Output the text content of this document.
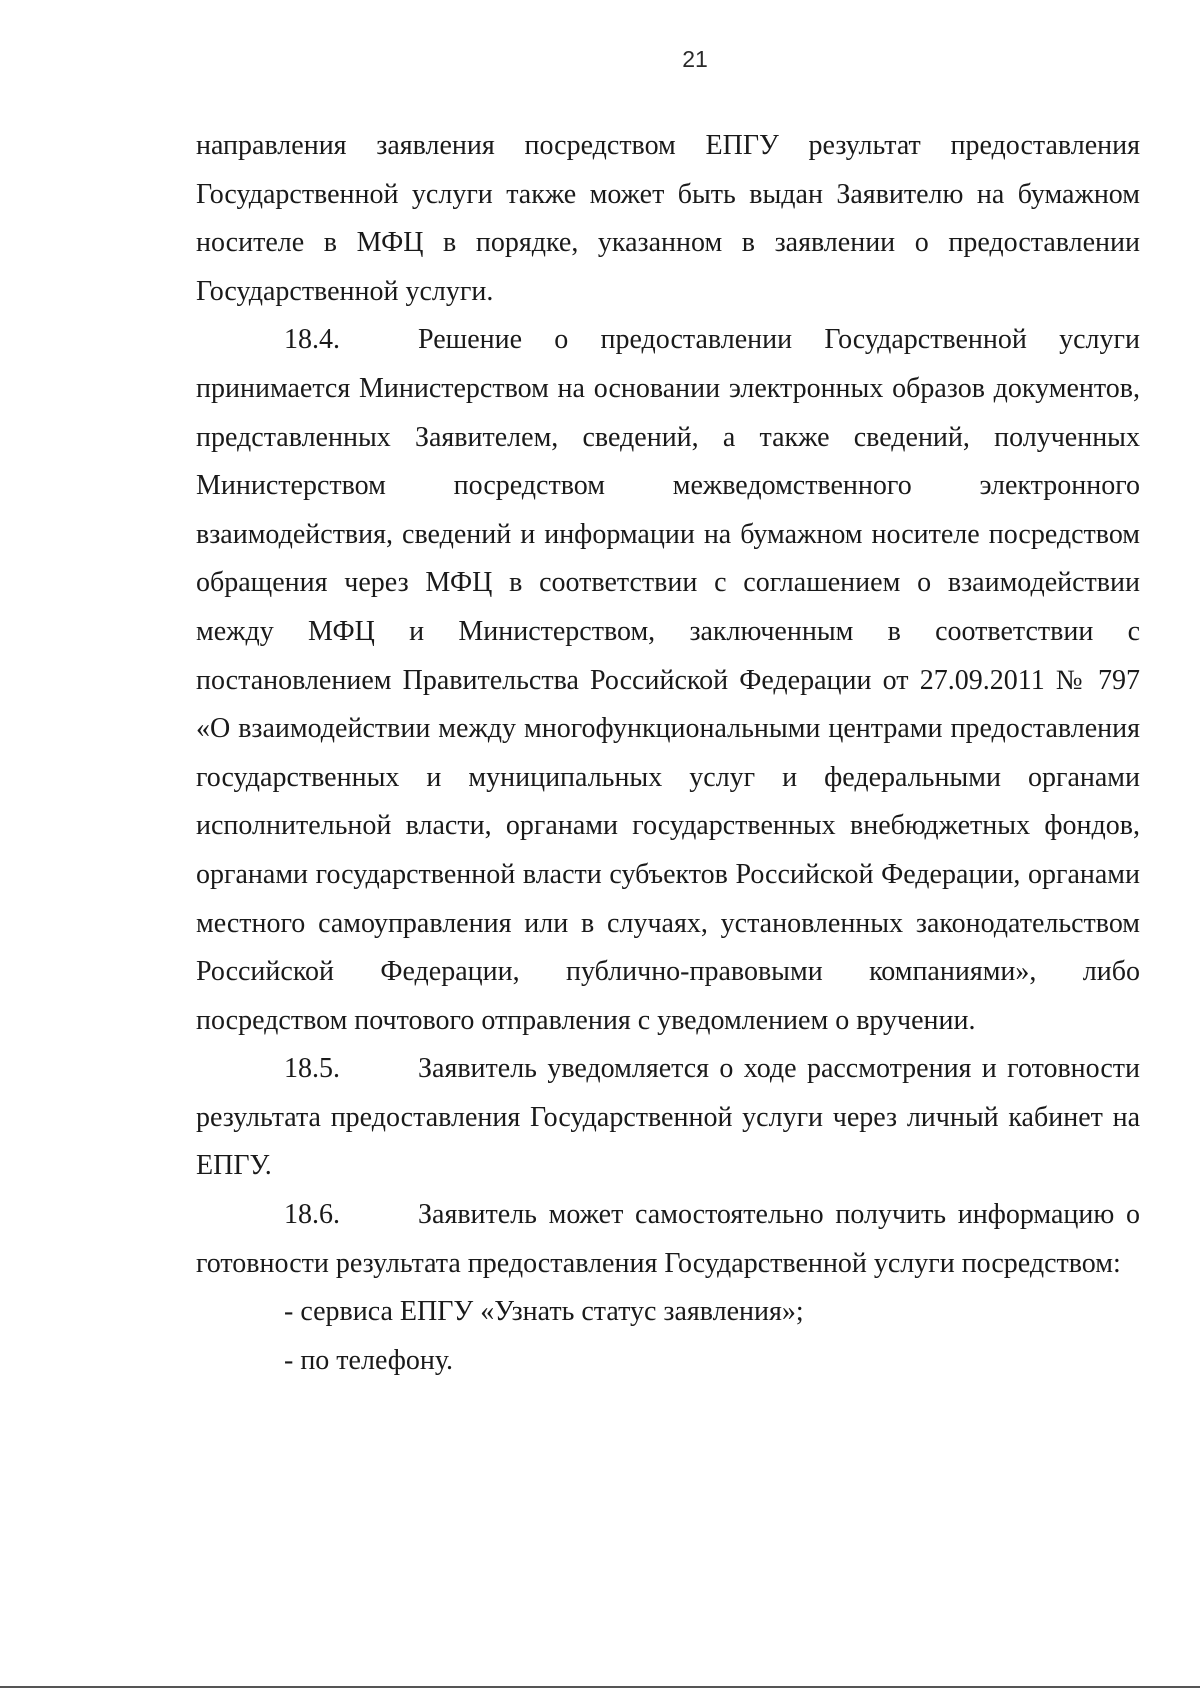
21

направления заявления посредством ЕПГУ результат предоставления Государственной услуги также может быть выдан Заявителю на бумажном носителе в МФЦ в порядке, указанном в заявлении о предоставлении Государственной услуги.

18.4.	Решение о предоставлении Государственной услуги принимается Министерством на основании электронных образов документов, представленных Заявителем, сведений, а также сведений, полученных Министерством посредством межведомственного электронного взаимодействия, сведений и информации на бумажном носителе посредством обращения через МФЦ в соответствии с соглашением о взаимодействии между МФЦ и Министерством, заключенным в соответствии с постановлением Правительства Российской Федерации от 27.09.2011 № 797 «О взаимодействии между многофункциональными центрами предоставления государственных и муниципальных услуг и федеральными органами исполнительной власти, органами государственных внебюджетных фондов, органами государственной власти субъектов Российской Федерации, органами местного самоуправления или в случаях, установленных законодательством Российской Федерации, публично-правовыми компаниями», либо посредством почтового отправления с уведомлением о вручении.

18.5.	Заявитель уведомляется о ходе рассмотрения и готовности результата предоставления Государственной услуги через личный кабинет на ЕПГУ.

18.6.	Заявитель может самостоятельно получить информацию о готовности результата предоставления Государственной услуги посредством:

- сервиса ЕПГУ «Узнать статус заявления»;

- по телефону.
